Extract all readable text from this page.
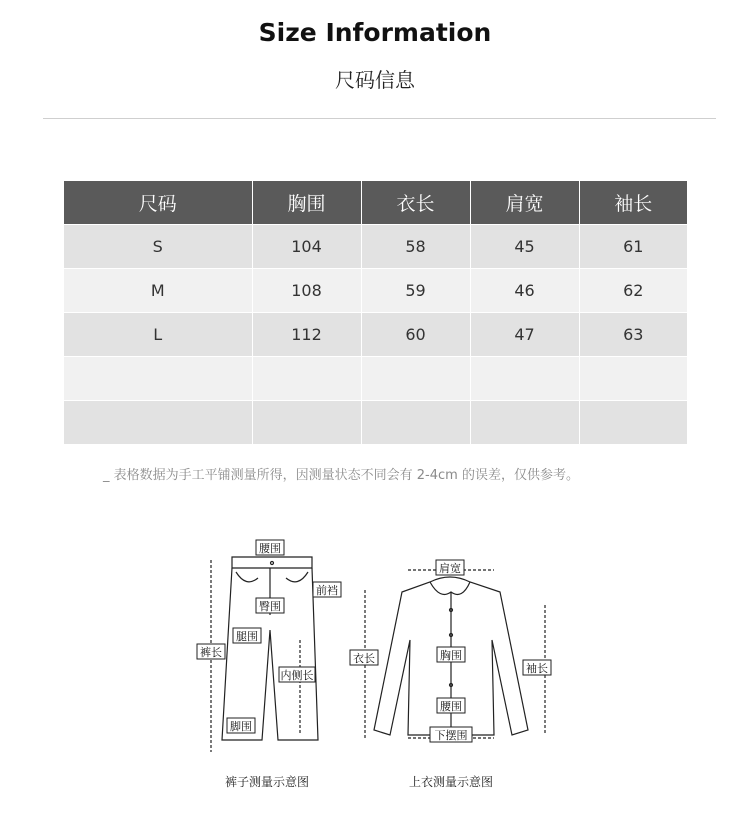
Size Information
尺码信息
尺码	胸围	衣长	肩宽	袖长
S	104	58	45	61
M	108	59	46	62
L	112	60	47	63

_ 表格数据为手工平铺测量所得，因测量状态不同会有 2-4cm 的误差，仅供参考。
腰围
前裆
臀围
裤长
腿围
内侧长
脚围
肩宽
衣长	胸围
袖长
腰围
下摆围
裤子测量示意图	上衣测量示意图
